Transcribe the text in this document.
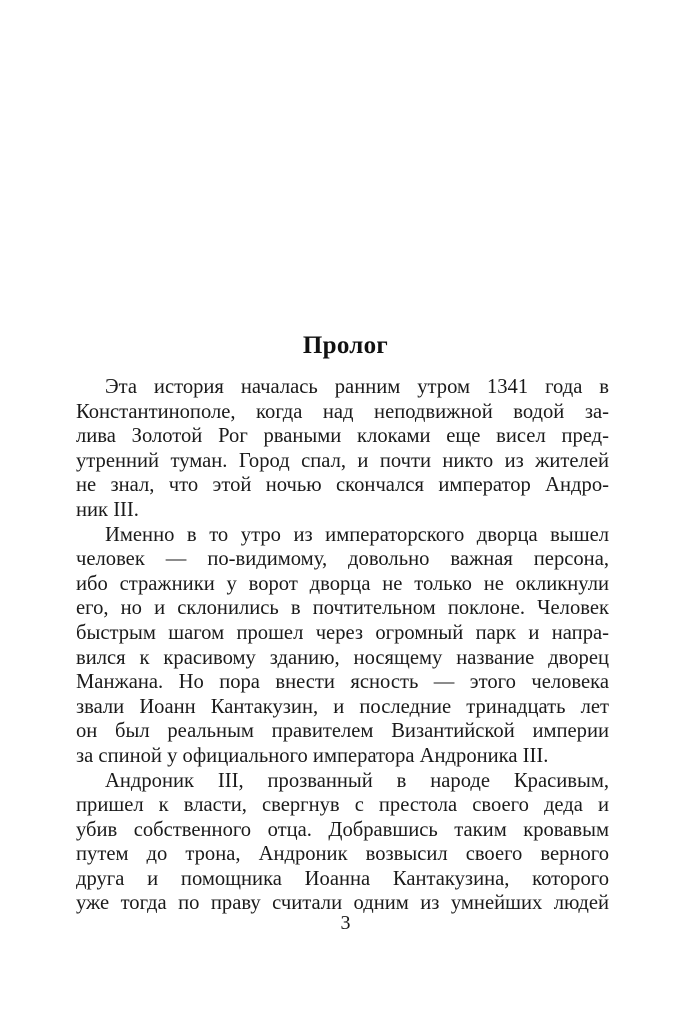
Пролог
Эта история началась ранним утром 1341 года в
Константинополе, когда над неподвижной водой за-
лива Золотой Рог рваными клоками еще висел пред-
утренний туман. Город спал, и почти никто из жителей
не знал, что этой ночью скончался император Андро-
ник III.
Именно в то утро из императорского дворца вышел
человек — по-видимому, довольно важная персона,
ибо стражники у ворот дворца не только не окликнули
его, но и склонились в почтительном поклоне. Человек
быстрым шагом прошел через огромный парк и напра-
вился к красивому зданию, носящему название дворец
Манжана. Но пора внести ясность — этого человека
звали Иоанн Кантакузин, и последние тринадцать лет
он был реальным правителем Византийской империи
за спиной у официального императора Андроника III.
Андроник III, прозванный в народе Красивым,
пришел к власти, свергнув с престола своего деда и
убив собственного отца. Добравшись таким кровавым
путем до трона, Андроник возвысил своего верного
друга и помощника Иоанна Кантакузина, которого
уже тогда по праву считали одним из умнейших людей
3
